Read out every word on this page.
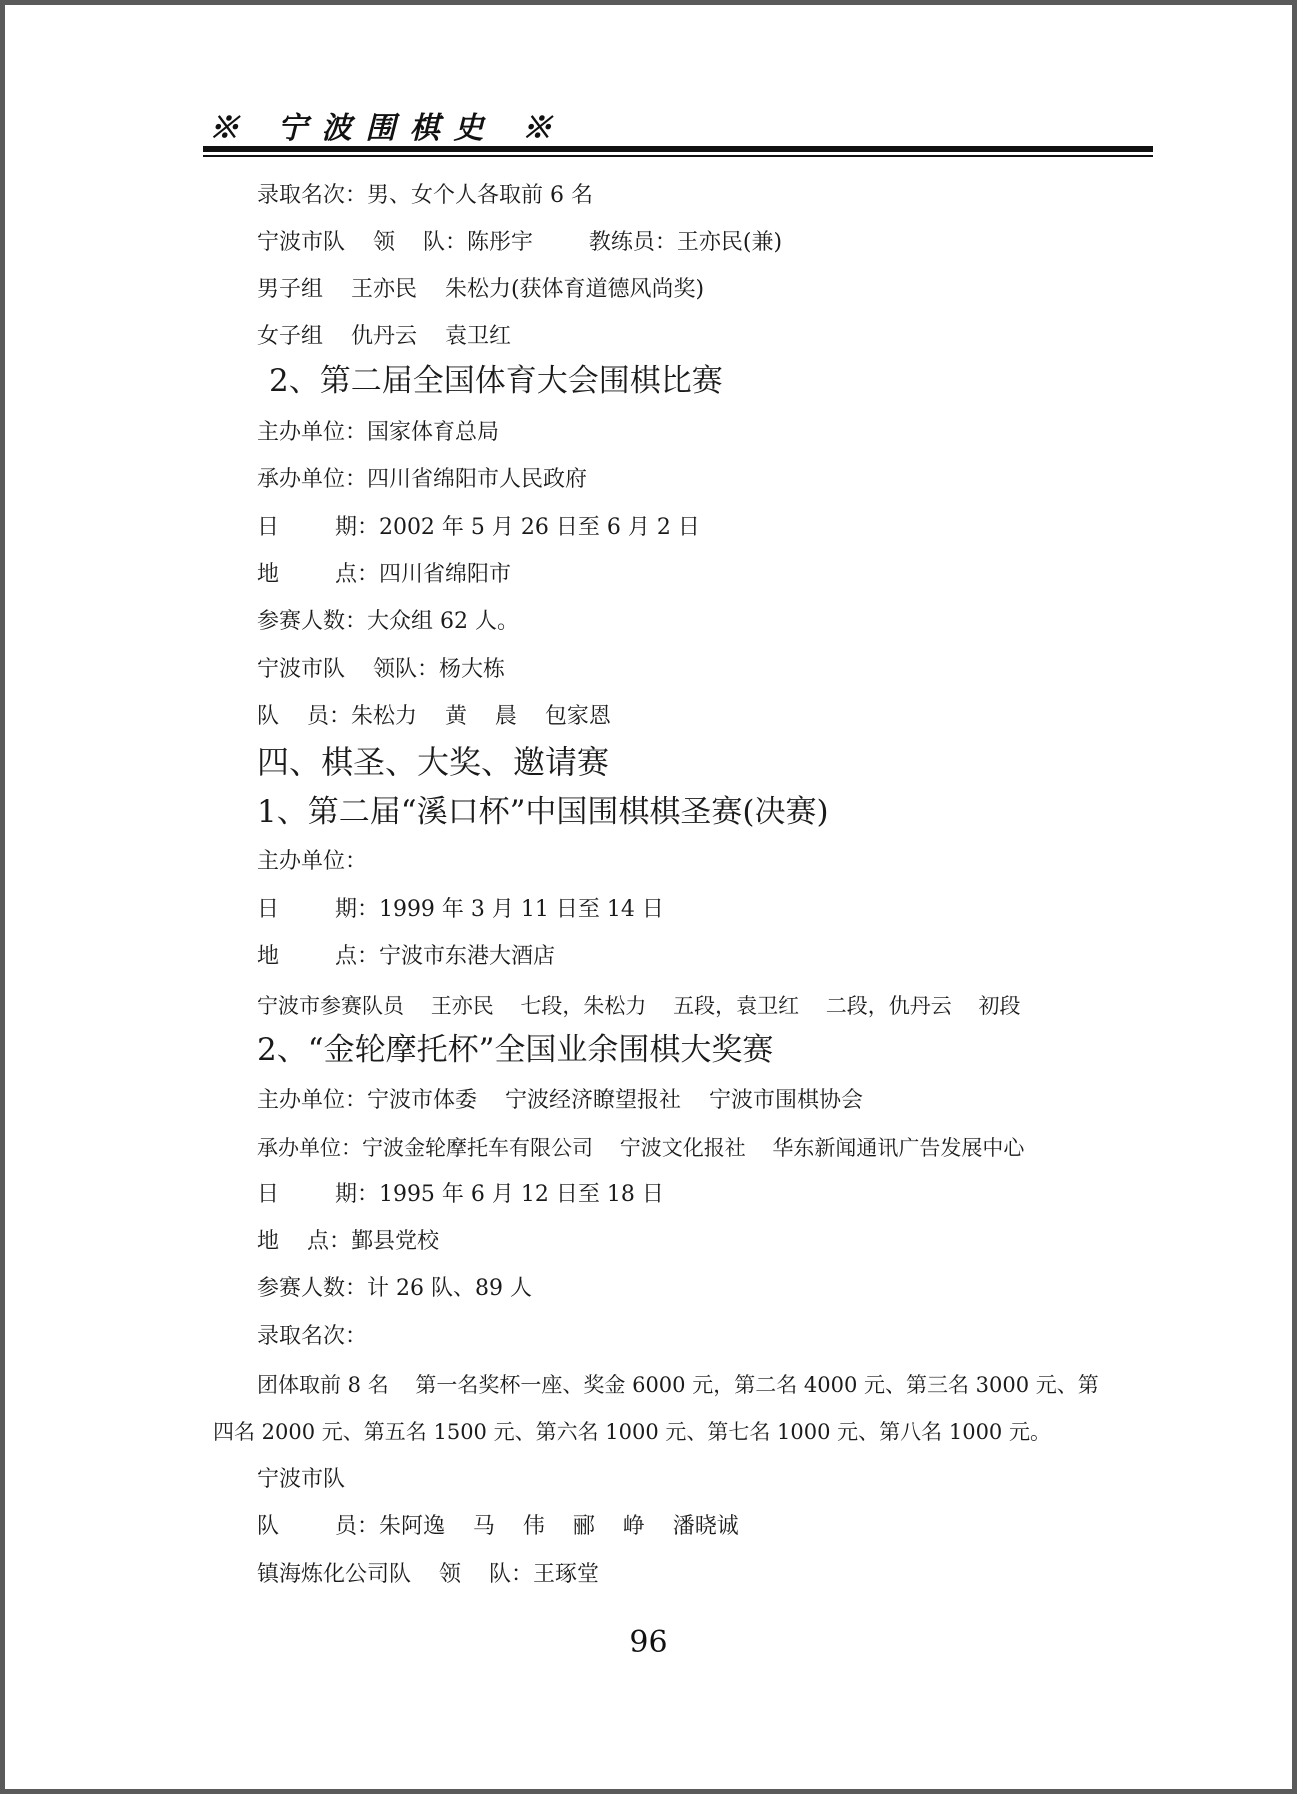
※ 宁波围棋史 ※
录取名次：男、女个人各取前 6 名
宁波市队    领    队：陈彤宇        教练员：王亦民(兼)
男子组    王亦民    朱松力(获体育道德风尚奖)
女子组    仇丹云    袁卫红
2、第二届全国体育大会围棋比赛
主办单位：国家体育总局
承办单位：四川省绵阳市人民政府
日        期：2002 年 5 月 26 日至 6 月 2 日
地        点：四川省绵阳市
参赛人数：大众组 62 人。
宁波市队    领队：杨大栋
队    员：朱松力    黄    晨    包家恩
四、棋圣、大奖、邀请赛
1、第二届“溪口杯”中国围棋棋圣赛(决赛)
主办单位：
日        期：1999 年 3 月 11 日至 14 日
地        点：宁波市东港大酒店
宁波市参赛队员    王亦民    七段，朱松力    五段，袁卫红    二段，仇丹云    初段
2、“金轮摩托杯”全国业余围棋大奖赛
主办单位：宁波市体委    宁波经济瞭望报社    宁波市围棋协会
承办单位：宁波金轮摩托车有限公司    宁波文化报社    华东新闻通讯广告发展中心
日        期：1995 年 6 月 12 日至 18 日
地    点：鄞县党校
参赛人数：计 26 队、89 人
录取名次：
团体取前 8 名    第一名奖杯一座、奖金 6000 元，第二名 4000 元、第三名 3000 元、第
四名 2000 元、第五名 1500 元、第六名 1000 元、第七名 1000 元、第八名 1000 元。
宁波市队
队        员：朱阿逸    马    伟    郦    峥    潘晓诚
镇海炼化公司队    领    队：王琢堂
96
